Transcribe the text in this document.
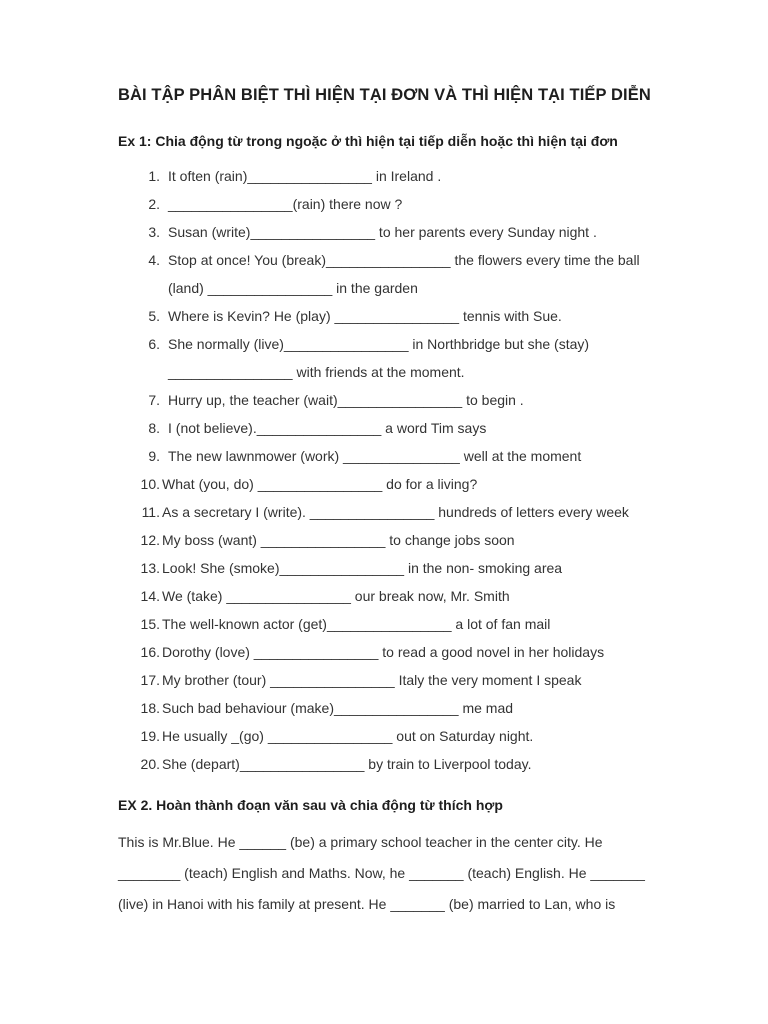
BÀI TẬP PHÂN BIỆT THÌ HIỆN TẠI ĐƠN VÀ THÌ HIỆN TẠI TIẾP DIỄN
Ex 1: Chia động từ trong ngoặc ở thì hiện tại tiếp diễn hoặc thì hiện tại đơn
1. It often (rain)________________ in Ireland .
2. ________________(rain) there now ?
3. Susan (write)________________ to her parents every Sunday night .
4. Stop at once! You (break)________________ the flowers every time the ball
(land) ________________ in the garden
5. Where is Kevin? He (play) ________________ tennis with Sue.
6. She normally (live)________________ in Northbridge but she (stay)
________________ with friends at the moment.
7. Hurry up, the teacher (wait)________________ to begin .
8. I (not believe).________________ a word Tim says
9. The new lawnmower (work) _______________ well at the moment
10. What (you, do) ________________ do for a living?
11. As a secretary I (write). ________________ hundreds of letters every week
12. My boss (want) ________________ to change jobs soon
13. Look! She (smoke)________________ in the non- smoking area
14. We (take) ________________ our break now, Mr. Smith
15. The well-known actor (get)________________ a lot of fan mail
16. Dorothy (love) ________________ to read a good novel in her holidays
17. My brother (tour) ________________ Italy the very moment I speak
18. Such bad behaviour (make)________________ me mad
19. He usually _(go) ________________ out on Saturday night.
20. She (depart)________________ by train to Liverpool today.
EX 2. Hoàn thành đoạn văn sau và chia động từ thích hợp
This is Mr.Blue. He ______ (be) a primary school teacher in the center city. He
________ (teach) English and Maths. Now, he _______ (teach) English. He _______
(live) in Hanoi with his family at present. He _______ (be) married to Lan, who is
